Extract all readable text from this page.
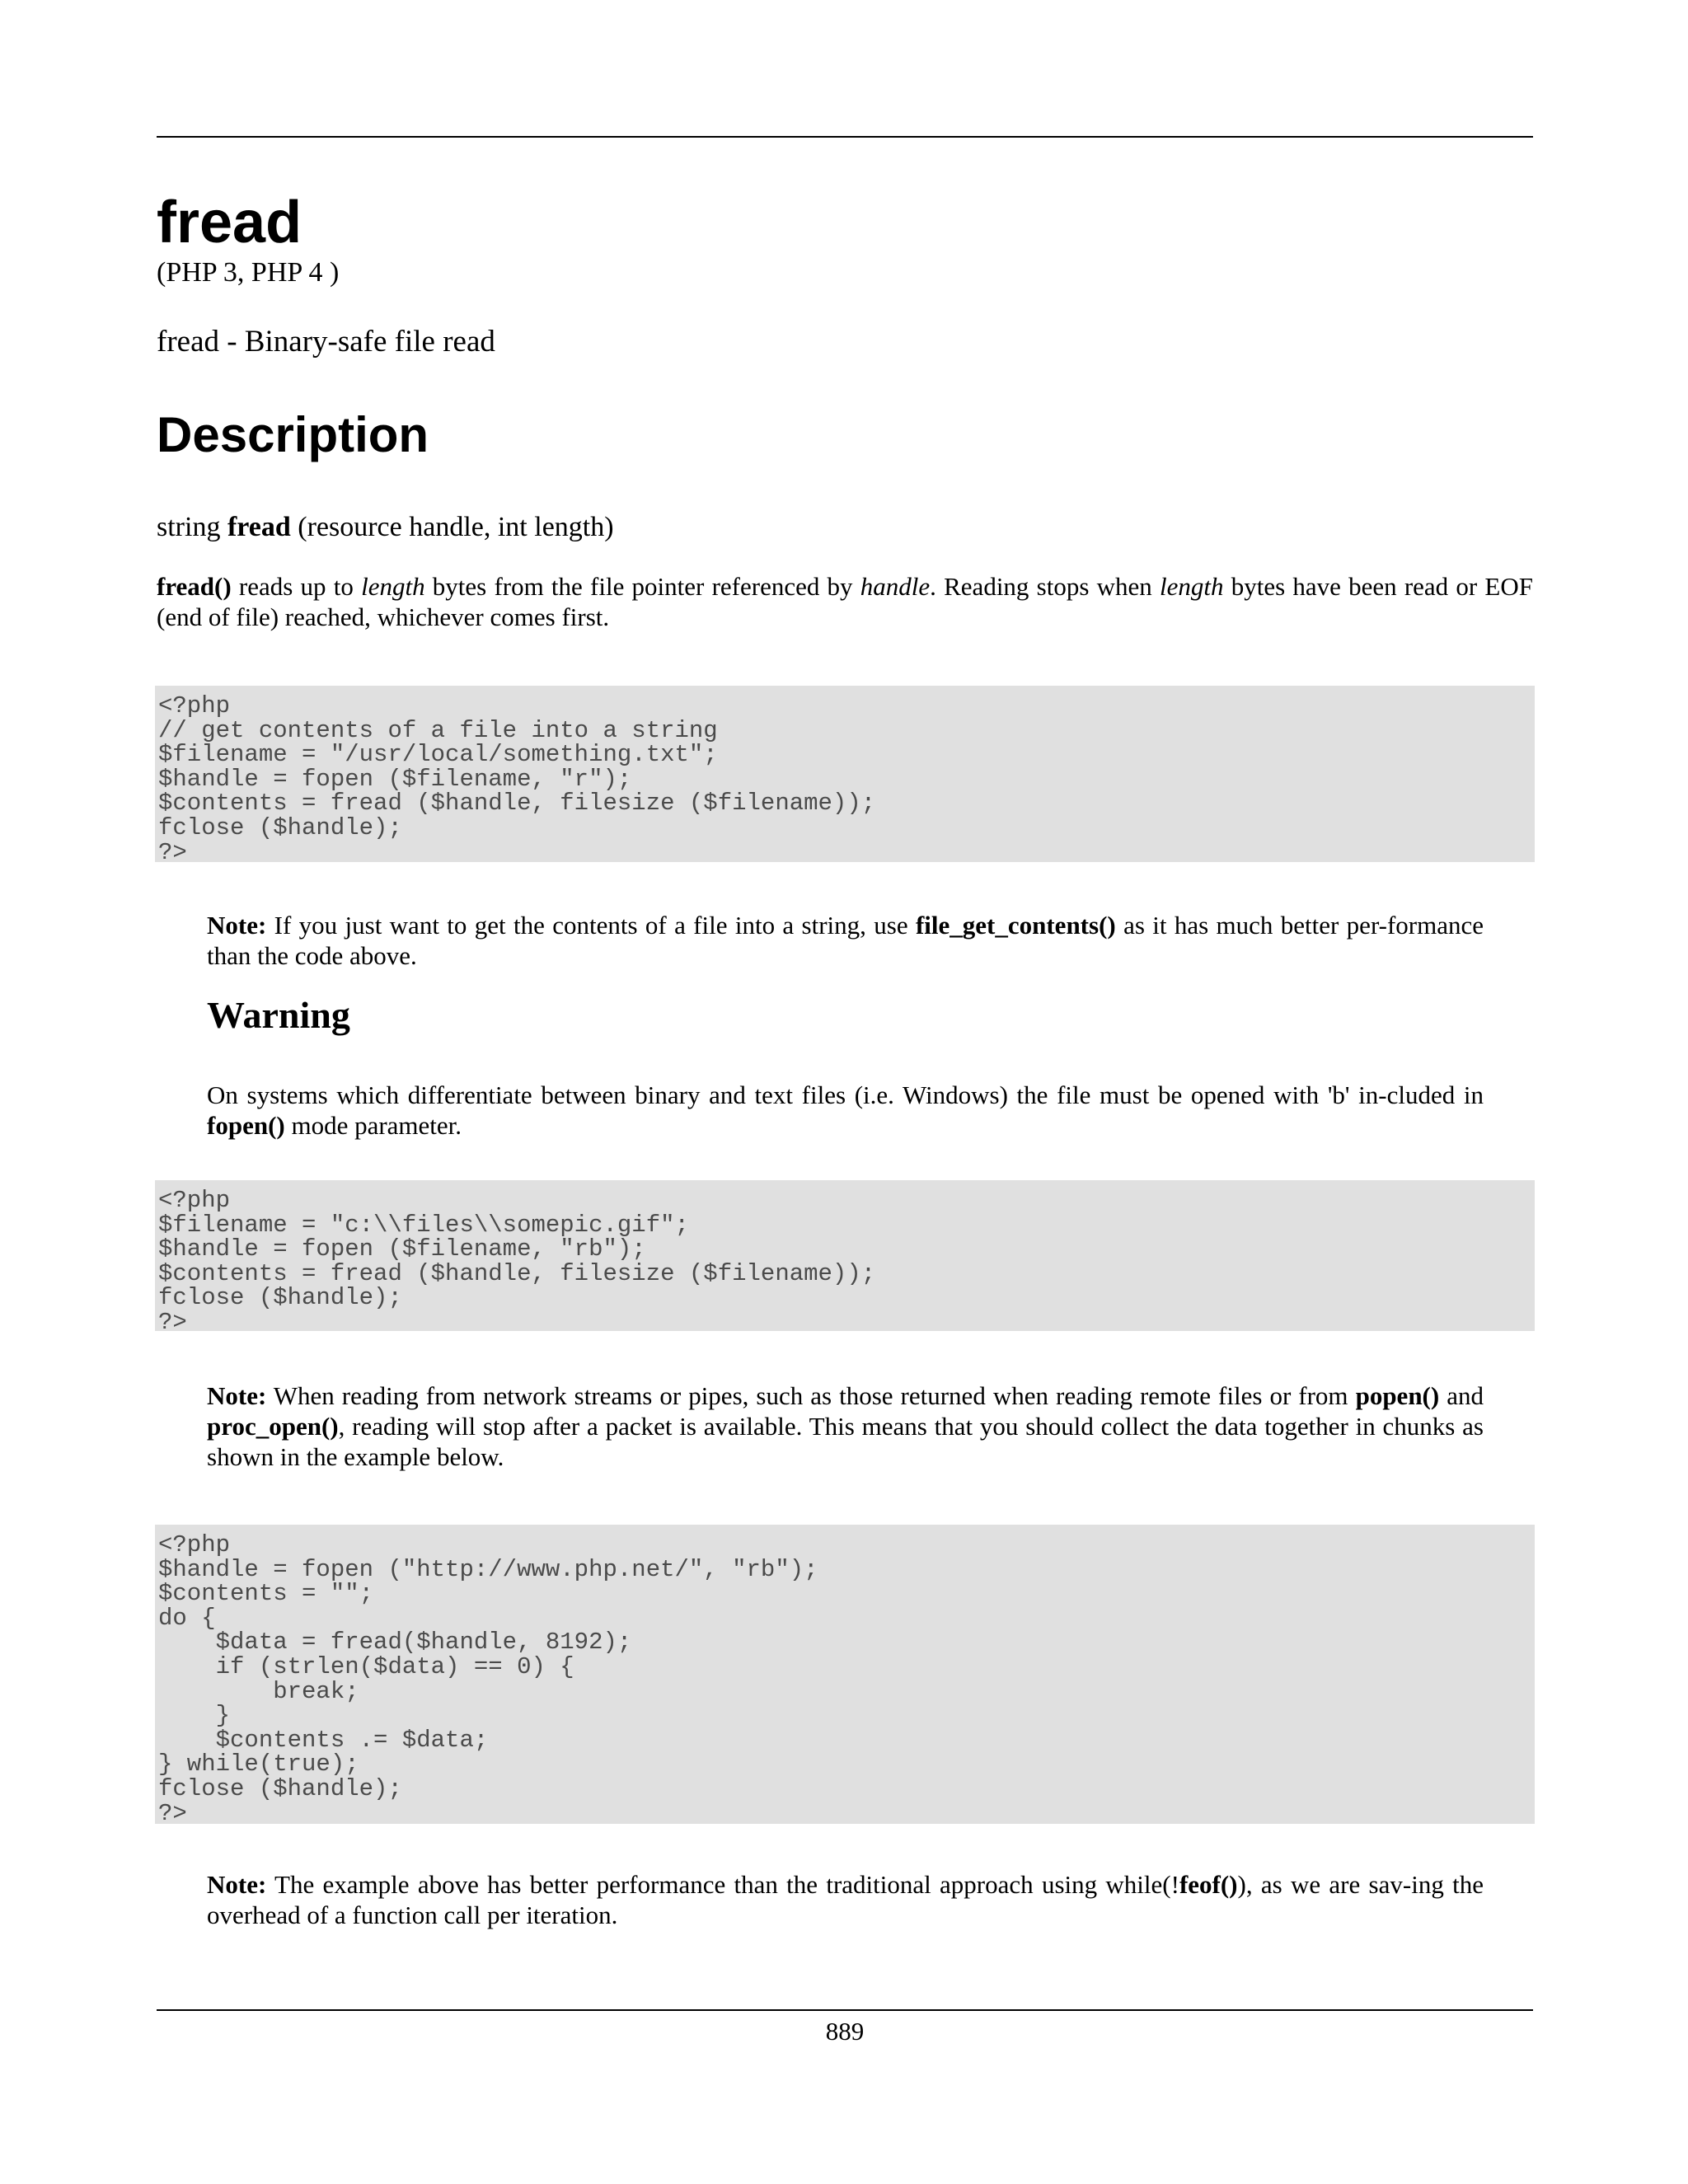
fread
(PHP 3, PHP 4 )
fread - Binary-safe file read
Description
string fread (resource handle, int length)
fread() reads up to length bytes from the file pointer referenced by handle. Reading stops when length bytes have been read or EOF (end of file) reached, whichever comes first.
<?php
// get contents of a file into a string
$filename = "/usr/local/something.txt";
$handle = fopen ($filename, "r");
$contents = fread ($handle, filesize ($filename));
fclose ($handle);
?>
Note: If you just want to get the contents of a file into a string, use file_get_contents() as it has much better per-formance than the code above.
Warning
On systems which differentiate between binary and text files (i.e. Windows) the file must be opened with 'b' in-cluded in fopen() mode parameter.
<?php
$filename = "c:\\files\\somepic.gif";
$handle = fopen ($filename, "rb");
$contents = fread ($handle, filesize ($filename));
fclose ($handle);
?>
Note: When reading from network streams or pipes, such as those returned when reading remote files or from popen() and proc_open(), reading will stop after a packet is available. This means that you should collect the data together in chunks as shown in the example below.
<?php
$handle = fopen ("http://www.php.net/", "rb");
$contents = "";
do {
$data = fread($handle, 8192);
if (strlen($data) == 0) {
break;
}
$contents .= $data;
} while(true);
fclose ($handle);
?>
Note: The example above has better performance than the traditional approach using while(!feof()), as we are sav-ing the overhead of a function call per iteration.
889
